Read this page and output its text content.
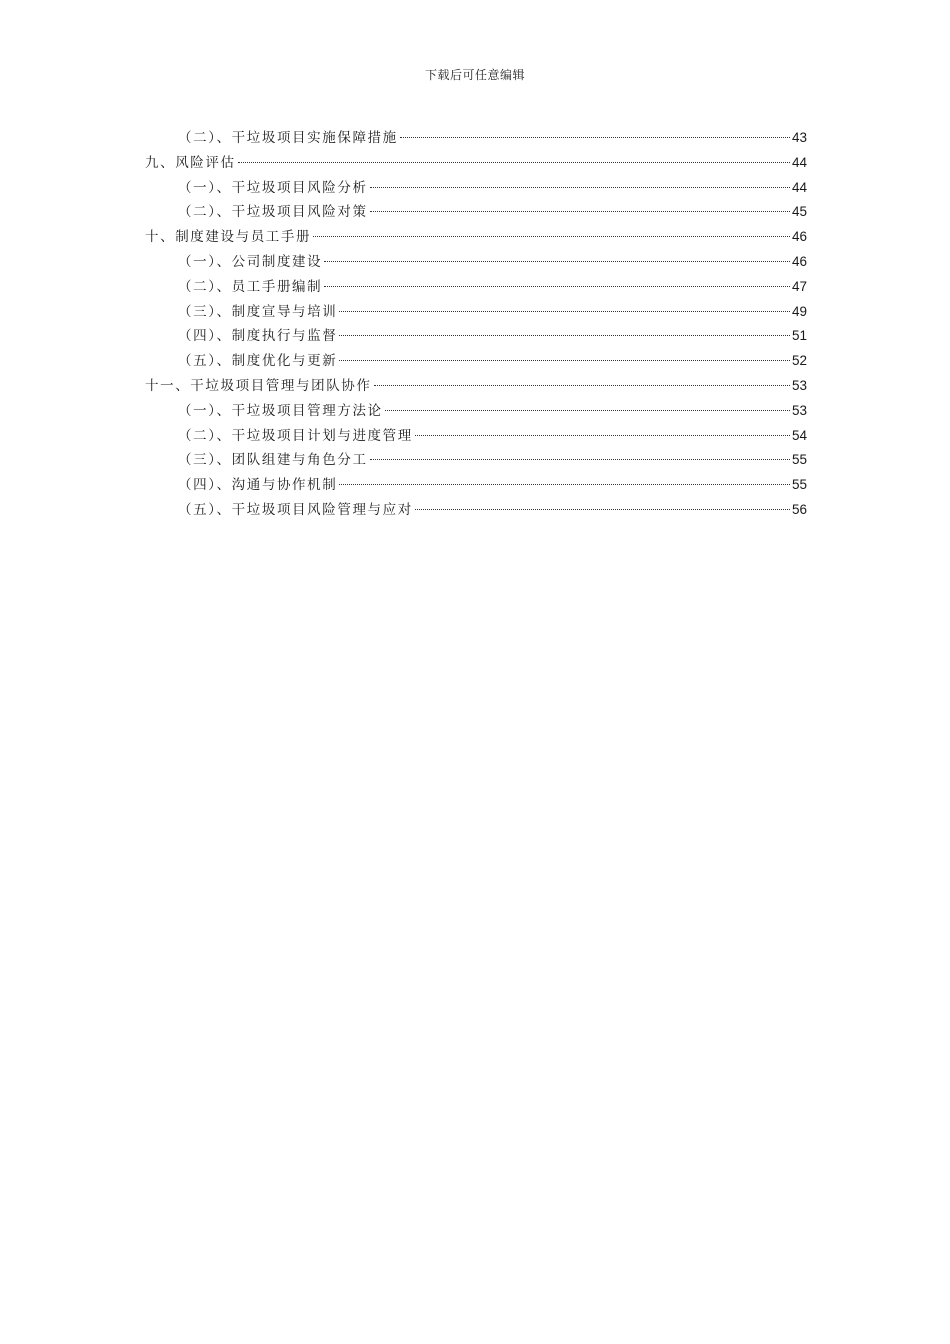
下载后可任意编辑
（二）、干垃圾项目实施保障措施	43
九、风险评估	44
（一）、干垃圾项目风险分析	44
（二）、干垃圾项目风险对策	45
十、制度建设与员工手册	46
（一）、公司制度建设	46
（二）、员工手册编制	47
（三）、制度宣导与培训	49
（四）、制度执行与监督	51
（五）、制度优化与更新	52
十一、干垃圾项目管理与团队协作	53
（一）、干垃圾项目管理方法论	53
（二）、干垃圾项目计划与进度管理	54
（三）、团队组建与角色分工	55
（四）、沟通与协作机制	55
（五）、干垃圾项目风险管理与应对	56
